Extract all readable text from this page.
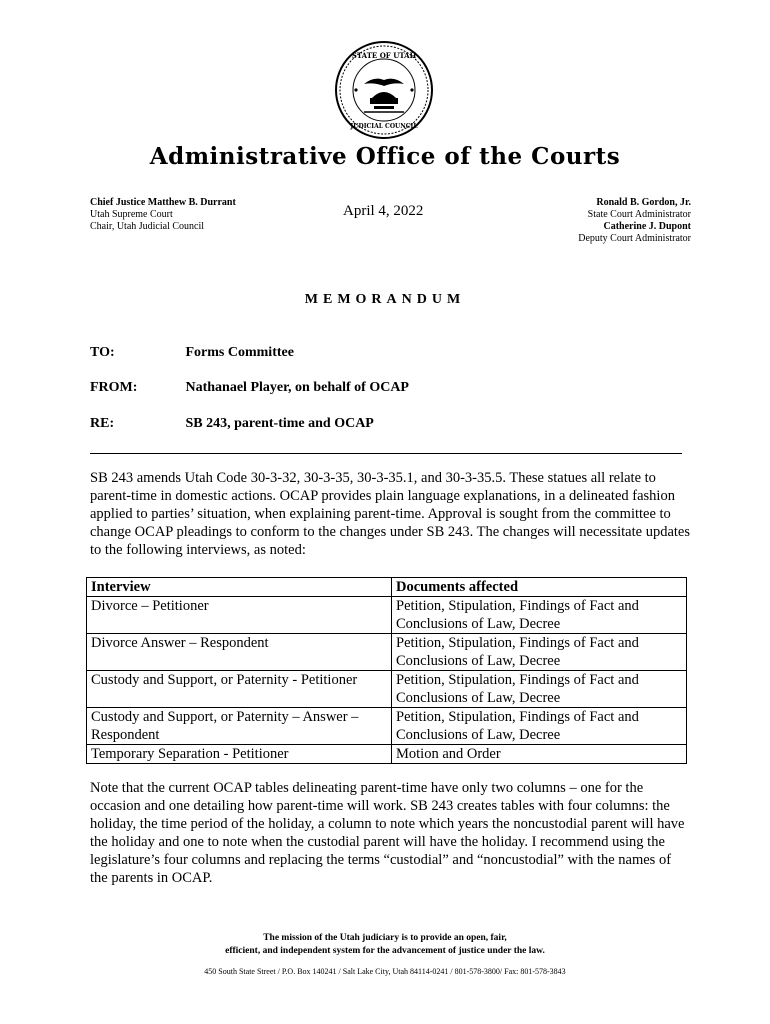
STATE OF UTAH
JUDICIAL COUNCIL
Administrative Office of the Courts
Chief Justice Matthew B. Durrant
Utah Supreme Court
Chair, Utah Judicial Council
April 4, 2022
Ronald B. Gordon, Jr.
State Court Administrator
Catherine J. Dupont
Deputy Court Administrator
MEMORANDUM
TO:	Forms Committee
FROM:	Nathanael Player, on behalf of OCAP
RE:	SB 243, parent-time and OCAP
SB 243 amends Utah Code 30-3-32, 30-3-35, 30-3-35.1, and 30-3-35.5. These statues all relate to parent-time in domestic actions. OCAP provides plain language explanations, in a delineated fashion applied to parties’ situation, when explaining parent-time. Approval is sought from the committee to change OCAP pleadings to conform to the changes under SB 243. The changes will necessitate updates to the following interviews, as noted:
Interview	Documents affected
Divorce – Petitioner	Petition, Stipulation, Findings of Fact and Conclusions of Law, Decree
Divorce Answer – Respondent	Petition, Stipulation, Findings of Fact and Conclusions of Law, Decree
Custody and Support, or Paternity - Petitioner	Petition, Stipulation, Findings of Fact and Conclusions of Law, Decree
Custody and Support, or Paternity – Answer – Respondent	Petition, Stipulation, Findings of Fact and Conclusions of Law, Decree
Temporary Separation - Petitioner	Motion and Order
Note that the current OCAP tables delineating parent-time have only two columns – one for the occasion and one detailing how parent-time will work. SB 243 creates tables with four columns: the holiday, the time period of the holiday, a column to note which years the noncustodial parent will have the holiday and one to note when the custodial parent will have the holiday. I recommend using the legislature’s four columns and replacing the terms “custodial” and “noncustodial” with the names of the parents in OCAP.
The mission of the Utah judiciary is to provide an open, fair,
efficient, and independent system for the advancement of justice under the law.
450 South State Street / P.O. Box 140241 / Salt Lake City, Utah 84114-0241 / 801-578-3800/ Fax: 801-578-3843
